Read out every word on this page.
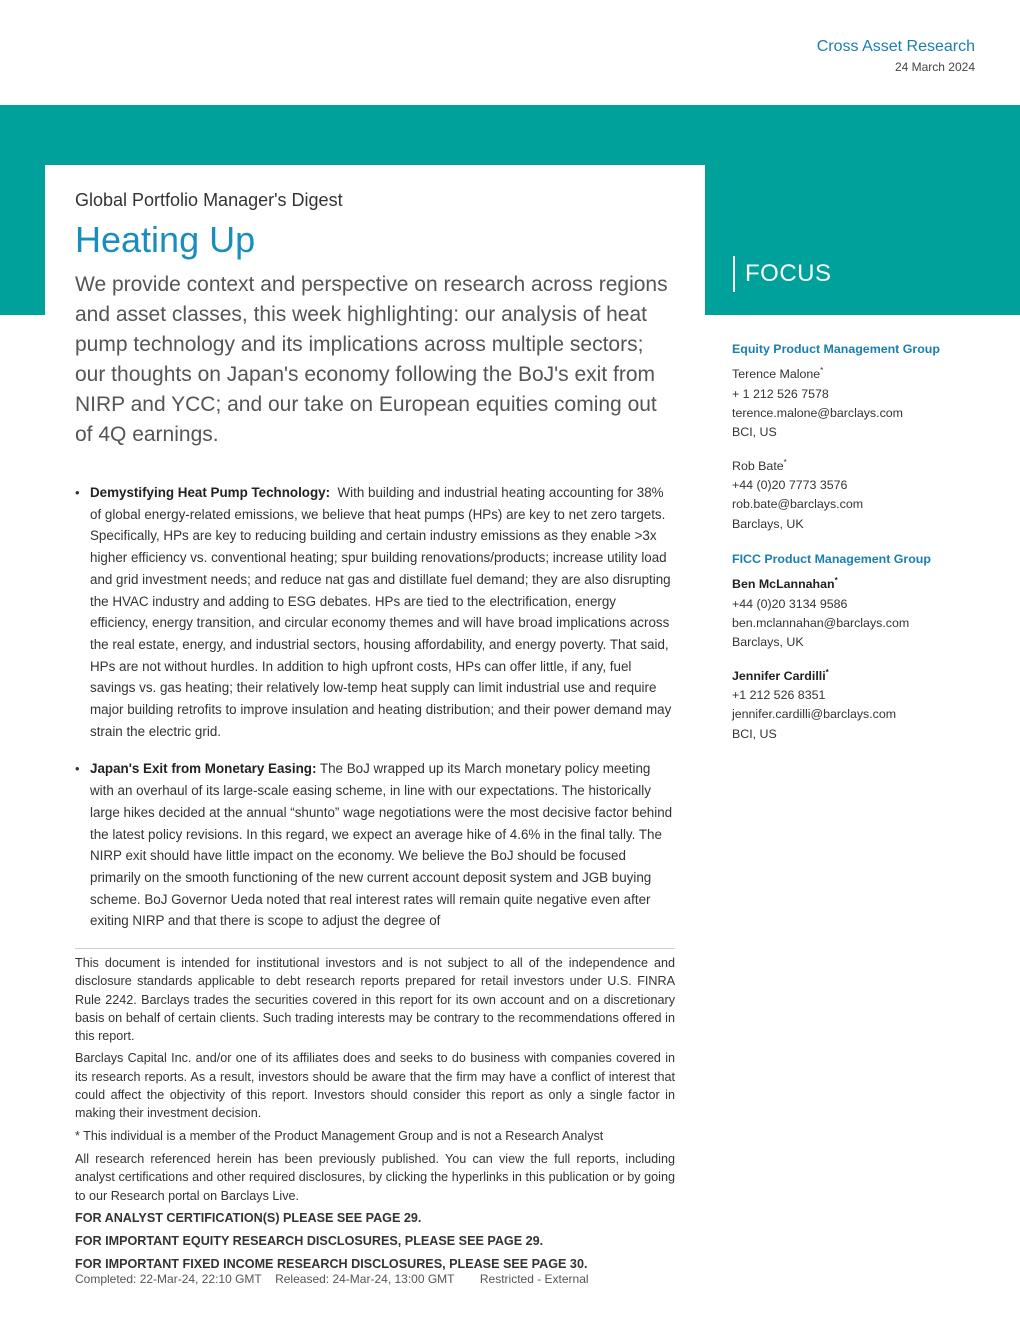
Cross Asset Research
24 March 2024
FOCUS
Global Portfolio Manager's Digest
Heating Up
We provide context and perspective on research across regions and asset classes, this week highlighting: our analysis of heat pump technology and its implications across multiple sectors; our thoughts on Japan's economy following the BoJ's exit from NIRP and YCC; and our take on European equities coming out of 4Q earnings.
• Demystifying Heat Pump Technology: With building and industrial heating accounting for 38% of global energy-related emissions, we believe that heat pumps (HPs) are key to net zero targets. Specifically, HPs are key to reducing building and certain industry emissions as they enable >3x higher efficiency vs. conventional heating; spur building renovations/products; increase utility load and grid investment needs; and reduce nat gas and distillate fuel demand; they are also disrupting the HVAC industry and adding to ESG debates. HPs are tied to the electrification, energy efficiency, energy transition, and circular economy themes and will have broad implications across the real estate, energy, and industrial sectors, housing affordability, and energy poverty. That said, HPs are not without hurdles. In addition to high upfront costs, HPs can offer little, if any, fuel savings vs. gas heating; their relatively low-temp heat supply can limit industrial use and require major building retrofits to improve insulation and heating distribution; and their power demand may strain the electric grid.
• Japan's Exit from Monetary Easing: The BoJ wrapped up its March monetary policy meeting with an overhaul of its large-scale easing scheme, in line with our expectations. The historically large hikes decided at the annual “shunto” wage negotiations were the most decisive factor behind the latest policy revisions. In this regard, we expect an average hike of 4.6% in the final tally. The NIRP exit should have little impact on the economy. We believe the BoJ should be focused primarily on the smooth functioning of the new current account deposit system and JGB buying scheme. BoJ Governor Ueda noted that real interest rates will remain quite negative even after exiting NIRP and that there is scope to adjust the degree of

This document is intended for institutional investors and is not subject to all of the independence and disclosure standards applicable to debt research reports prepared for retail investors under U.S. FINRA Rule 2242. Barclays trades the securities covered in this report for its own account and on a discretionary basis on behalf of certain clients. Such trading interests may be contrary to the recommendations offered in this report.

Barclays Capital Inc. and/or one of its affiliates does and seeks to do business with companies covered in its research reports. As a result, investors should be aware that the firm may have a conflict of interest that could affect the objectivity of this report. Investors should consider this report as only a single factor in making their investment decision.

* This individual is a member of the Product Management Group and is not a Research Analyst

All research referenced herein has been previously published. You can view the full reports, including analyst certifications and other required disclosures, by clicking the hyperlinks in this publication or by going to our Research portal on Barclays Live.

FOR ANALYST CERTIFICATION(S) PLEASE SEE PAGE 29.

FOR IMPORTANT EQUITY RESEARCH DISCLOSURES, PLEASE SEE PAGE 29.

FOR IMPORTANT FIXED INCOME RESEARCH DISCLOSURES, PLEASE SEE PAGE 30.

Completed: 22-Mar-24, 22:10 GMT Released: 24-Mar-24, 13:00 GMT Restricted - External
Equity Product Management Group
Terence Malone*
+ 1 212 526 7578
terence.malone@barclays.com
BCI, US
Rob Bate*
+44 (0)20 7773 3576
rob.bate@barclays.com
Barclays, UK
FICC Product Management Group
Ben McLannahan*
+44 (0)20 3134 9586
ben.mclannahan@barclays.com
Barclays, UK
Jennifer Cardilli*
+1 212 526 8351
jennifer.cardilli@barclays.com
BCI, US
